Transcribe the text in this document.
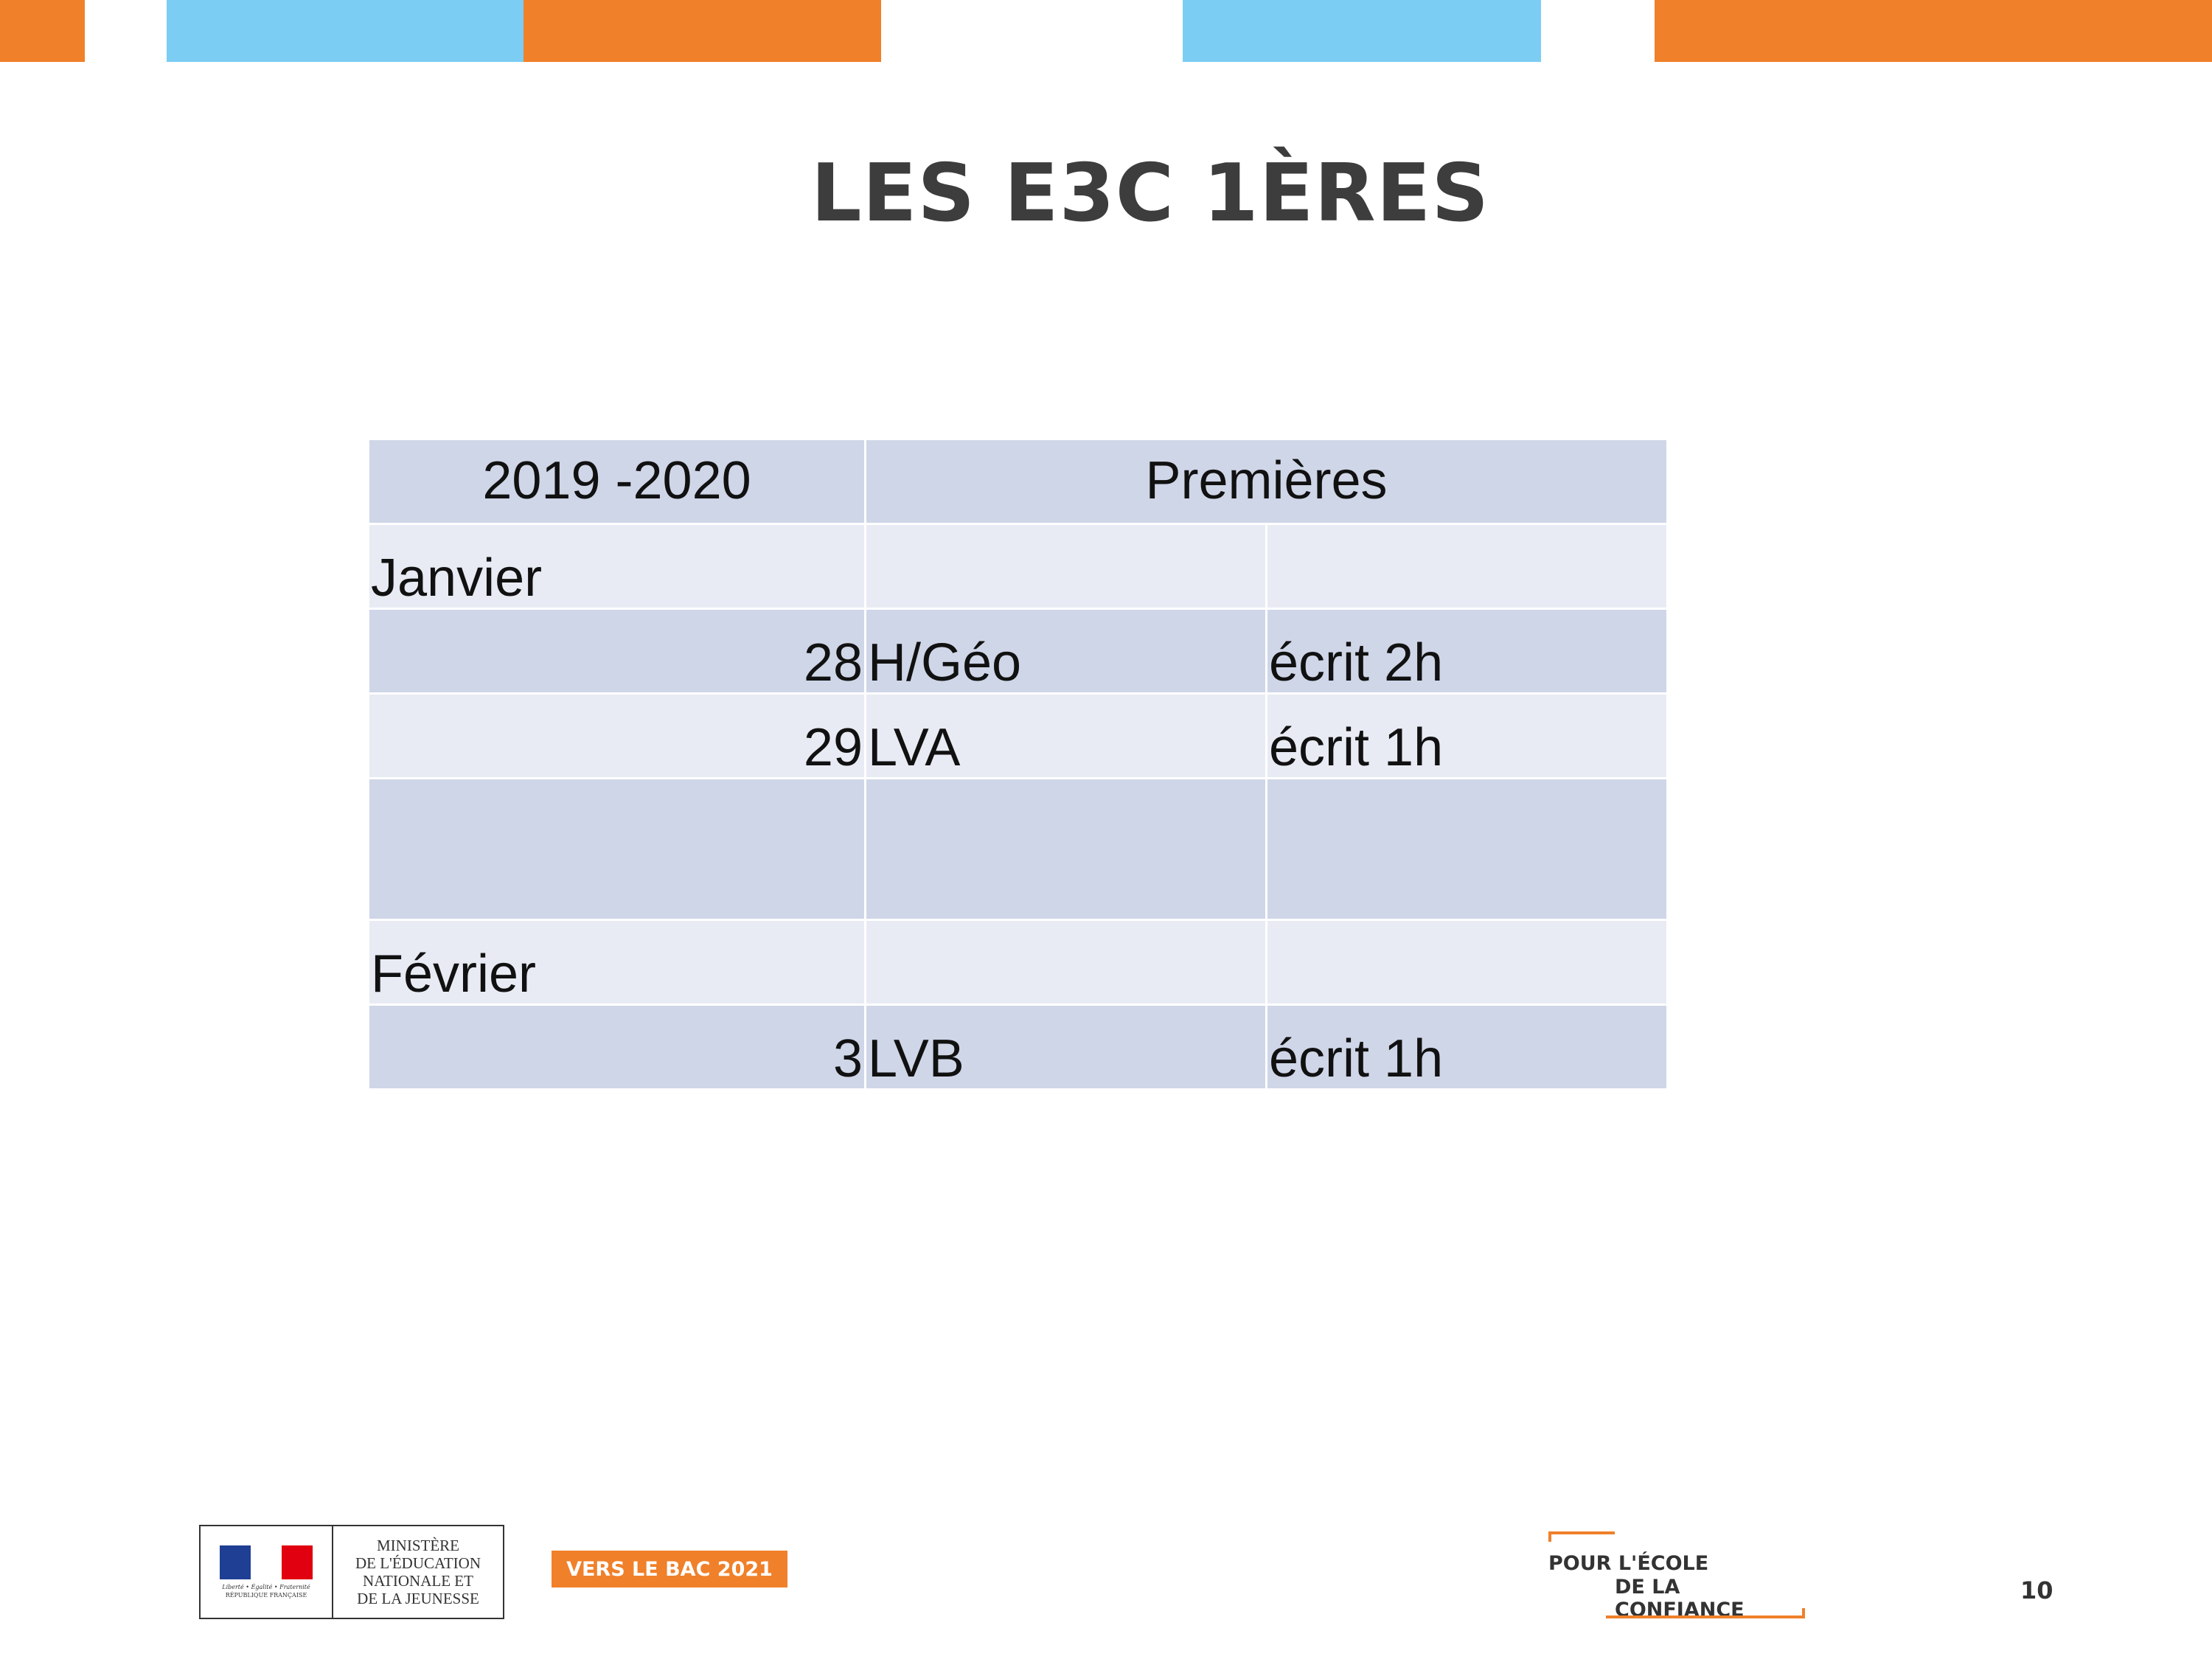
LES E3C 1ÈRES
2019 -2020	Premières	
Janvier		
28	H/Géo	écrit 2h
29	LVA	écrit 1h

Février		
3	LVB	écrit 1h
Liberté • Égalité • Fraternité
RÉPUBLIQUE FRANÇAISE
MINISTÈRE
DE L'ÉDUCATION
NATIONALE ET
DE LA JEUNESSE
VERS LE BAC 2021	POUR L'ÉCOLE
DE LA CONFIANCE
10
